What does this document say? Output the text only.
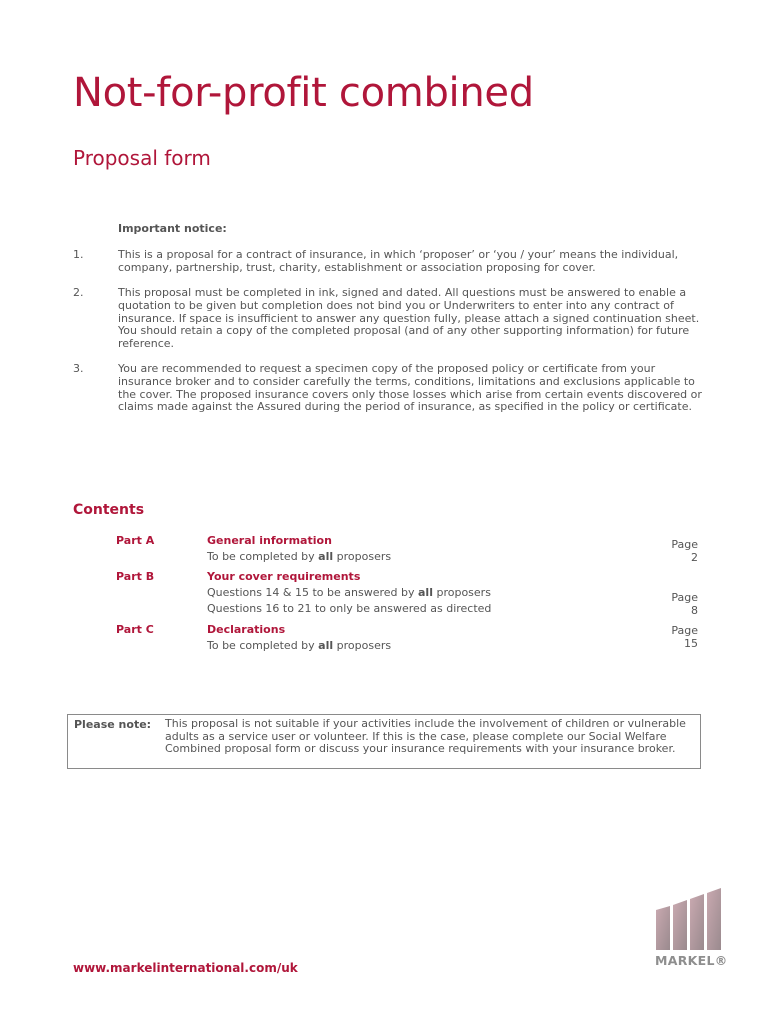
Not-for-profit combined
Proposal form
Important notice:
1.	This is a proposal for a contract of insurance, in which ‘proposer’ or ‘you / your’ means the individual, company, partnership, trust, charity, establishment or association proposing for cover.
2.	This proposal must be completed in ink, signed and dated. All questions must be answered to enable a quotation to be given but completion does not bind you or Underwriters to enter into any contract of insurance. If space is insufficient to answer any question fully, please attach a signed continuation sheet. You should retain a copy of the completed proposal (and of any other supporting information) for future reference.
3.	You are recommended to request a specimen copy of the proposed policy or certificate from your insurance broker and to consider carefully the terms, conditions, limitations and exclusions applicable to the cover. The proposed insurance covers only those losses which arise from certain events discovered or claims made against the Assured during the period of insurance, as specified in the policy or certificate.
Contents
Part A	General information
To be completed by all proposers
Page 2
Part B	Your cover requirements
Questions 14 & 15 to be answered by all proposers
Questions 16 to 21 to only be answered as directed
Page 8
Part C	Declarations
To be completed by all proposers
Page 15
Please note: This proposal is not suitable if your activities include the involvement of children or vulnerable adults as a service user or volunteer. If this is the case, please complete our Social Welfare Combined proposal form or discuss your insurance requirements with your insurance broker.
www.markelinternational.com/uk	MARKEL®
